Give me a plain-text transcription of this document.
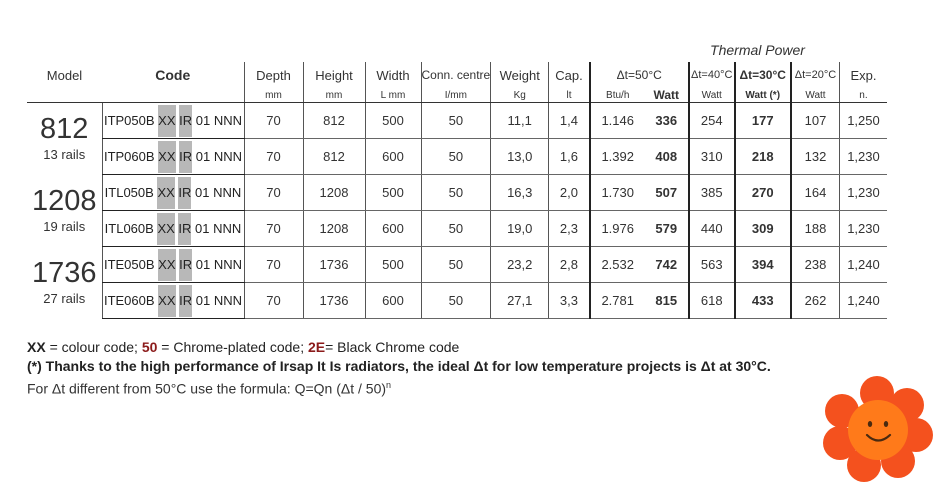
Thermal Power
Model	Code	Depth	Height	Width	Conn. centre	Weight	Cap.	Δt=50°C		Δt=40°C	Δt=30°C	Δt=20°C	Exp.
		mm	mm	L mm	I/mm	Kg	lt	Btu/h	Watt	Watt	Watt (*)	Watt	n.

812
13 rails	ITP050B XX IR 01 NNN	70	812	500	50	11,1	1,4	1.146	336	254	177	107	1,250
	ITP060B XX IR 01 NNN	70	812	600	50	13,0	1,6	1.392	408	310	218	132	1,230

1208
19 rails	ITL050B XX IR 01 NNN	70	1208	500	50	16,3	2,0	1.730	507	385	270	164	1,230
	ITL060B XX IR 01 NNN	70	1208	600	50	19,0	2,3	1.976	579	440	309	188	1,230

1736
27 rails	ITE050B XX IR 01 NNN	70	1736	500	50	23,2	2,8	2.532	742	563	394	238	1,240
	ITE060B XX IR 01 NNN	70	1736	600	50	27,1	3,3	2.781	815	618	433	262	1,240
XX = colour code; 50 = Chrome-plated code; 2E= Black Chrome code
(*) Thanks to the high performance of Irsap It Is radiators, the ideal Δt for low temperature projects is Δt at 30°C.
For Δt different from 50°C use the formula: Q=Qn (Δt / 50)$^n$
